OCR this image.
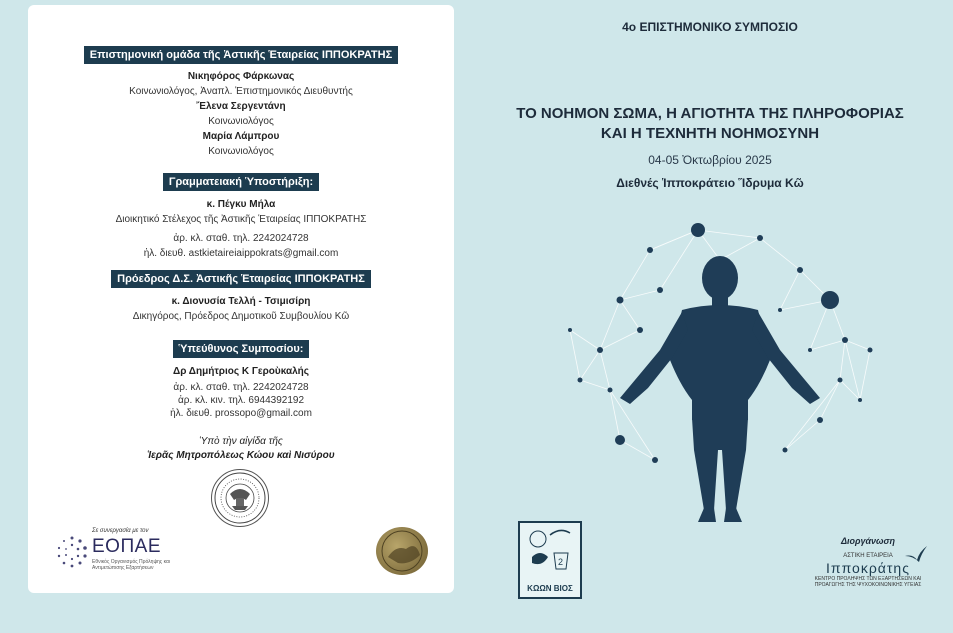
Επιστημονική ομάδα τῆς Ἀστικῆς Ἑταιρείας ΙΠΠΟΚΡΑΤΗΣ
Νικηφόρος Φάρκωνας
Κοινωνιολόγος, Ἀναπλ. Ἐπιστημονικός Διευθυντής
Ἔλενα Σεργεντάνη
Κοινωνιολόγος
Μαρία Λάμπρου
Κοινωνιολόγος
Γραμματειακή Ὑποστήριξη:
κ. Πέγκυ Μήλα
Διοικητικό Στέλεχος τῆς Ἀστικῆς Ἑταιρείας ΙΠΠΟΚΡΑΤΗΣ
ἀρ. κλ. σταθ. τηλ. 2242024728
ἠλ. διευθ. astkietaireiaippokrats@gmail.com
Πρόεδρος Δ.Σ. Ἀστικῆς Ἑταιρείας ΙΠΠΟΚΡΑΤΗΣ
κ. Διονυσία Τελλή - Τσιμισίρη
Δικηγόρος, Πρόεδρος Δημοτικοῦ Συμβουλίου Κῶ
Ὑπεύθυνος Συμποσίου:
Δρ Δημήτριος Κ Γεροὺκαλής
ἀρ. κλ. σταθ. τηλ. 2242024728
ἀρ. κλ. κιν. τηλ. 6944392192
ἠλ. διευθ. prossopo@gmail.com
Ὑπὸ τὴν αἰγίδα τῆς
Ἱερᾶς Μητροπόλεως Κώου καὶ Νισύρου
Σε συνεργασία με τον
ΕΟΠΑΕ
Εθνικός Οργανισμός Πρόληψης και Αντιμετώπισης Εξαρτήσεων
4ο ΕΠΙΣΤΗΜΟΝΙΚΟ ΣΥΜΠΟΣΙΟ
ΤΟ ΝΟΗΜΟΝ ΣΩΜΑ, Η ΑΓΙΟΤΗΤΑ ΤΗΣ ΠΛΗΡΟΦΟΡΙΑΣ
ΚΑΙ Η ΤΕΧΝΗΤΗ ΝΟΗΜΟΣΥΝΗ
04-05 Ὀκτωβρίου 2025
Διεθνές Ἱπποκράτειο Ἵδρυμα Κῶ
2
ΚΩΩΝ ΒΙΟΣ
Διοργάνωση
ΑΣΤΙΚΗ ΕΤΑΙΡΕΙΑ
Ιπποκράτης
ΚΕΝΤΡΟ ΠΡΟΛΗΨΗΣ ΤΩΝ ΕΞΑΡΤΗΣΕΩΝ ΚΑΙ
ΠΡΟΑΓΩΓΗΣ ΤΗΣ ΨΥΧΟΚΟΙΝΩΝΙΚΗΣ ΥΓΕΙΑΣ
